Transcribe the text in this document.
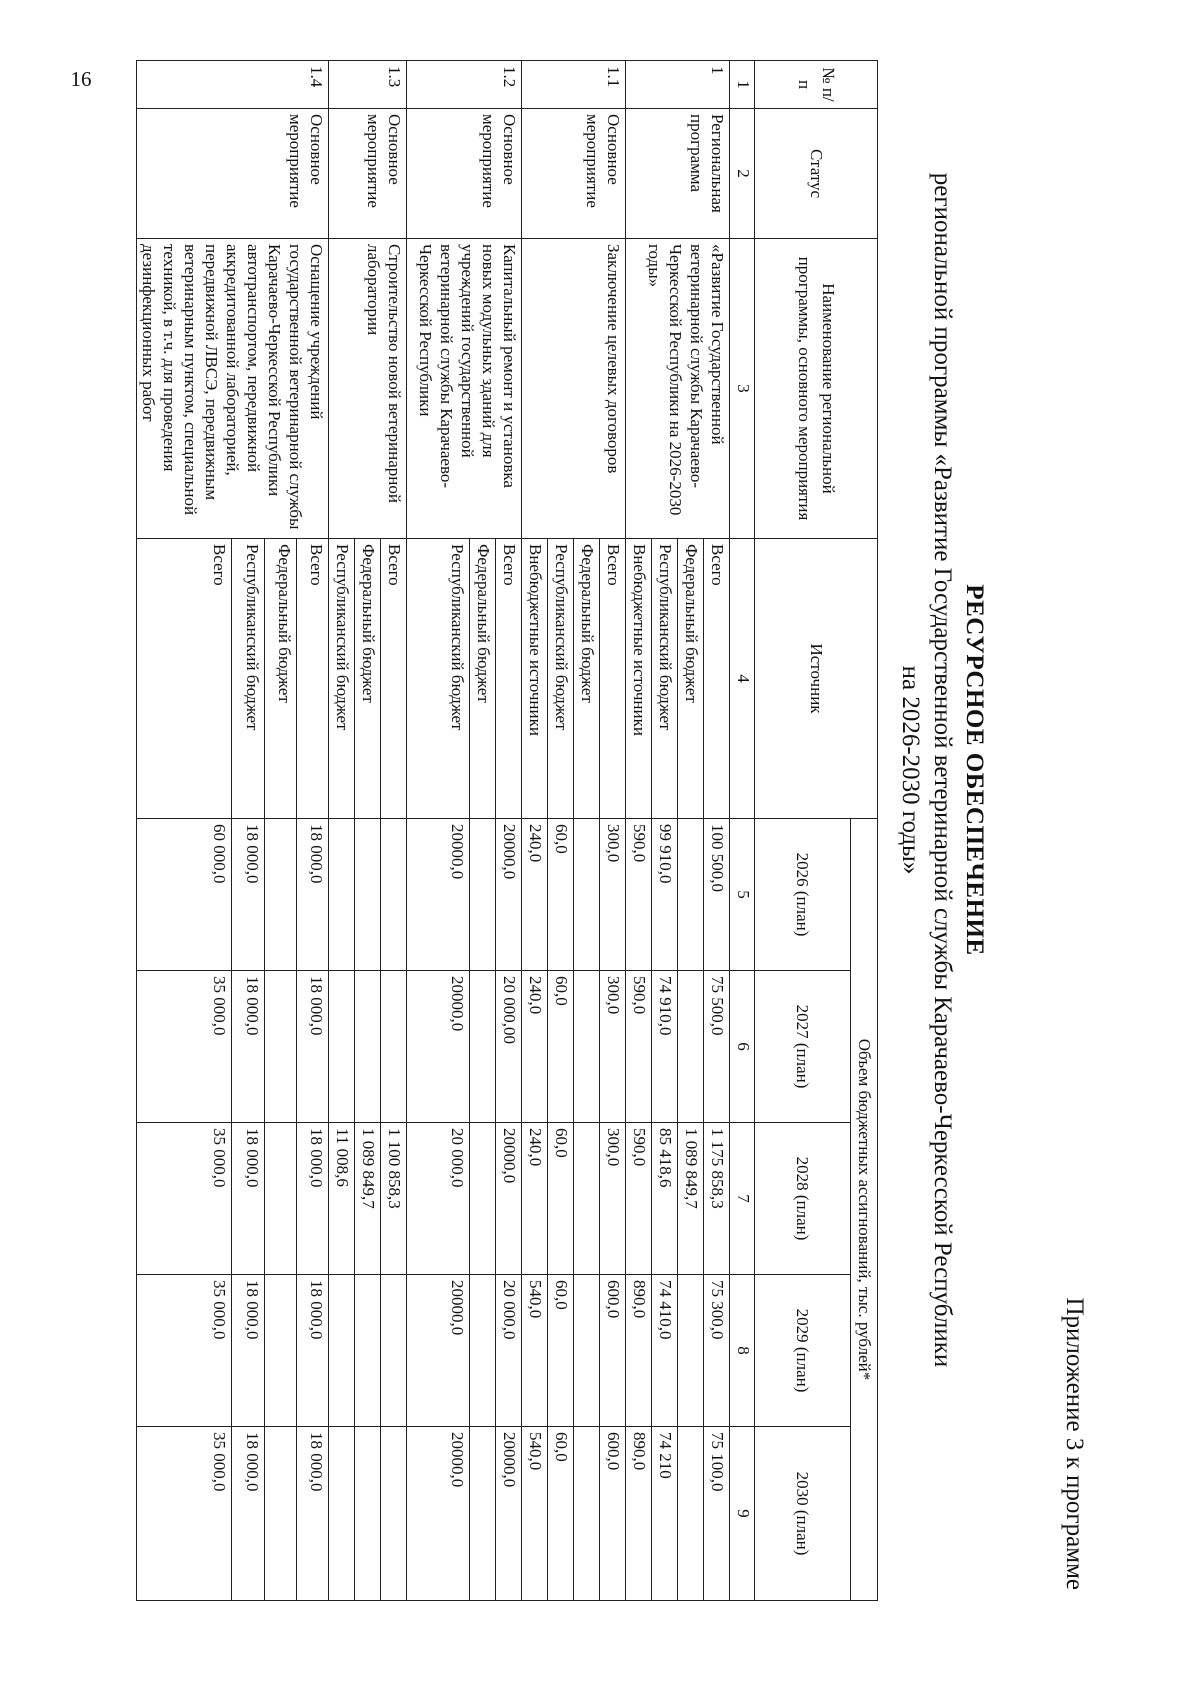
16
Приложение 3 к программе
РЕСУРСНОЕ ОБЕСПЕЧЕНИЕ
региональной программы «Развитие Государственной ветеринарной службы Карачаево-Черкесской Республики
на 2026-2030 годы»
№ п/п	Статус	Наименование региональной программы, основного мероприятия	Источник	Объем бюджетных ассигнований, тыс. рублей*				
				2026 (план)	2027 (план)	2028 (план)	2029 (план)	2030 (план)
1	2	3	4	5	6	7	8	9
1	Региональная программа	«Развитие Государственной ветеринарной службы Карачаево-Черкесской Республики на 2026-2030 годы»	Всего	100 500,0	75 500,0	1 175 858,3	75 300,0	75 100,0
			Федеральный бюджет			1 089 849,7		
			Республиканский бюджет	99 910,0	74 910,0	85 418,6	74 410,0	74 210
			Внебюджетные источники	590,0	590,0	590,0	890,0	890,0
1.1	Основное мероприятие	Заключение целевых договоров	Всего	300,0	300,0	300,0	600,0	600,0
			Федеральный бюджет					
			Республиканский бюджет	60,0	60,0	60,0	60,0	60,0
			Внебюджетные источники	240,0	240,0	240,0	540,0	540,0
1.2	Основное мероприятие	Капитальный ремонт и установка новых модульных зданий для учреждений государственной ветеринарной службы Карачаево-Черкесской Республики	Всего	20000,0	20 000,00	20000,0	20 000,0	20000,0
			Федеральный бюджет					
			Республиканский бюджет	20000,0	20000,0	20 000,0	20000,0	20000,0
1.3	Основное мероприятие	Строительство новой ветеринарной лаборатории	Всего			1 100 858,3		
			Федеральный бюджет			1 089 849,7		
			Республиканский бюджет			11 008,6		
1.4	Основное мероприятие	Оснащение учреждений государственной ветеринарной службы Карачаево-Черкесской Республики автотранспортом, передвижной аккредитованной лабораторией, передвижной ЛВСЭ, передвижным ветеринарным пунктом, специальной техникой, в т.ч. для проведения дезинфекционных работ	Всего	18 000,0	18 000,0	18 000,0	18 000,0	18 000,0
			Федеральный бюджет					
			Республиканский бюджет	18 000,0	18 000,0	18 000,0	18 000,0	18 000,0
			Всего	60 000,0	35 000,0	35 000,0	35 000,0	35 000,0
